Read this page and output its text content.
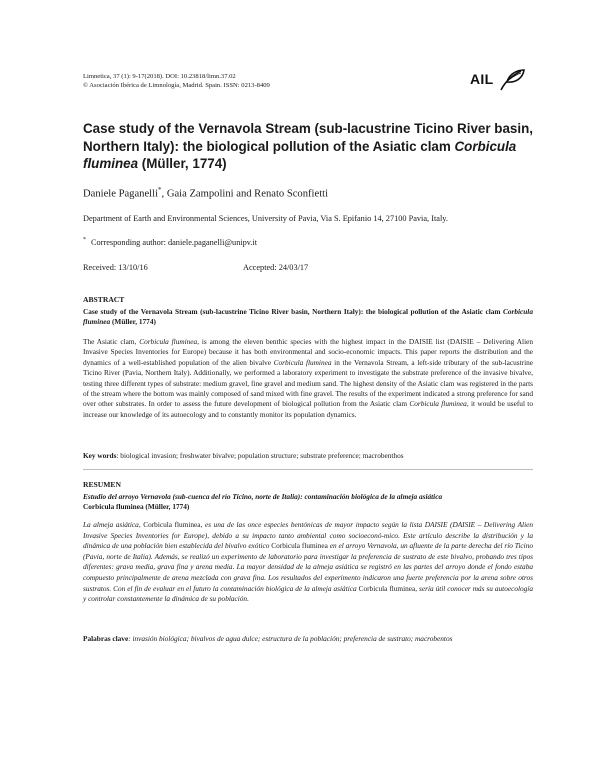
Limnetica, 37 (1): 9-17(2018). DOI: 10.23818/limn.37.02
© Asociación Ibérica de Limnología, Madrid. Spain. ISSN: 0213-8409	AIL
Case study of the Vernavola Stream (sub-lacustrine Ticino River basin, Northern Italy): the biological pollution of the Asiatic clam Corbicula fluminea (Müller, 1774)
Daniele Paganelli*, Gaia Zampolini and Renato Sconfietti
Department of Earth and Environmental Sciences, University of Pavia, Via S. Epifanio 14, 27100 Pavia, Italy.
* Corresponding author: daniele.paganelli@unipv.it
Received: 13/10/16	Accepted: 24/03/17
ABSTRACT
Case study of the Vernavola Stream (sub-lacustrine Ticino River basin, Northern Italy): the biological pollution of the Asiatic clam Corbicula fluminea (Müller, 1774)
The Asiatic clam, Corbicula fluminea, is among the eleven benthic species with the highest impact in the DAISIE list (DAISIE – Delivering Alien Invasive Species Inventories for Europe) because it has both environmental and socio-economic impacts. This paper reports the distribution and the dynamics of a well-established population of the alien bivalve Corbicula fluminea in the Vernavola Stream, a left-side tributary of the sub-lacustrine Ticino River (Pavia, Northern Italy). Additionally, we performed a laboratory experiment to investigate the substrate preference of the invasive bivalve, testing three different types of substrate: medium gravel, fine gravel and medium sand. The highest density of the Asiatic clam was registered in the parts of the stream where the bottom was mainly composed of sand mixed with fine gravel. The results of the experiment indicated a strong preference for sand over other substrates. In order to assess the future development of biological pollution from the Asiatic clam Corbicula fluminea, it would be useful to increase our knowledge of its autoecology and to constantly monitor its population dynamics.
Key words: biological invasion; freshwater bivalve; population structure; substrate preference; macrobenthos
RESUMEN
Estudio del arroyo Vernavola (sub-cuenca del río Ticino, norte de Italia): contaminación biológica de la almeja asiática
Corbicula fluminea (Müller, 1774)
La almeja asiática, Corbicula fluminea, es una de las once especies bentónicas de mayor impacto según la lista DAISIE (DAISIE – Delivering Alien Invasive Species Inventories for Europe), debido a su impacto tanto ambiental como socioeconó-mico. Este artículo describe la distribución y la dinámica de una población bien establecida del bivalvo exótico Corbicula fluminea en el arroyo Vernavola, un afluente de la parte derecha del río Ticino (Pavia, norte de Italia). Además, se realizó un experimento de laboratorio para investigar la preferencia de sustrato de este bivalvo, probando tres tipos diferentes: grava media, grava fina y arena media. La mayor densidad de la almeja asiática se registró en las partes del arroyo donde el fondo estaba compuesto principalmente de arena mezclada con grava fina. Los resultados del experimento indicaron una fuerte preferencia por la arena sobre otros sustratos. Con el fin de evaluar en el futuro la contaminación biológica de la almeja asiática Corbicula fluminea, sería útil conocer más su autoecología y controlar constantemente la dinámica de su población.
Palabras clave: invasión biológica; bivalvos de agua dulce; estructura de la población; preferencia de sustrato; macrobentos
